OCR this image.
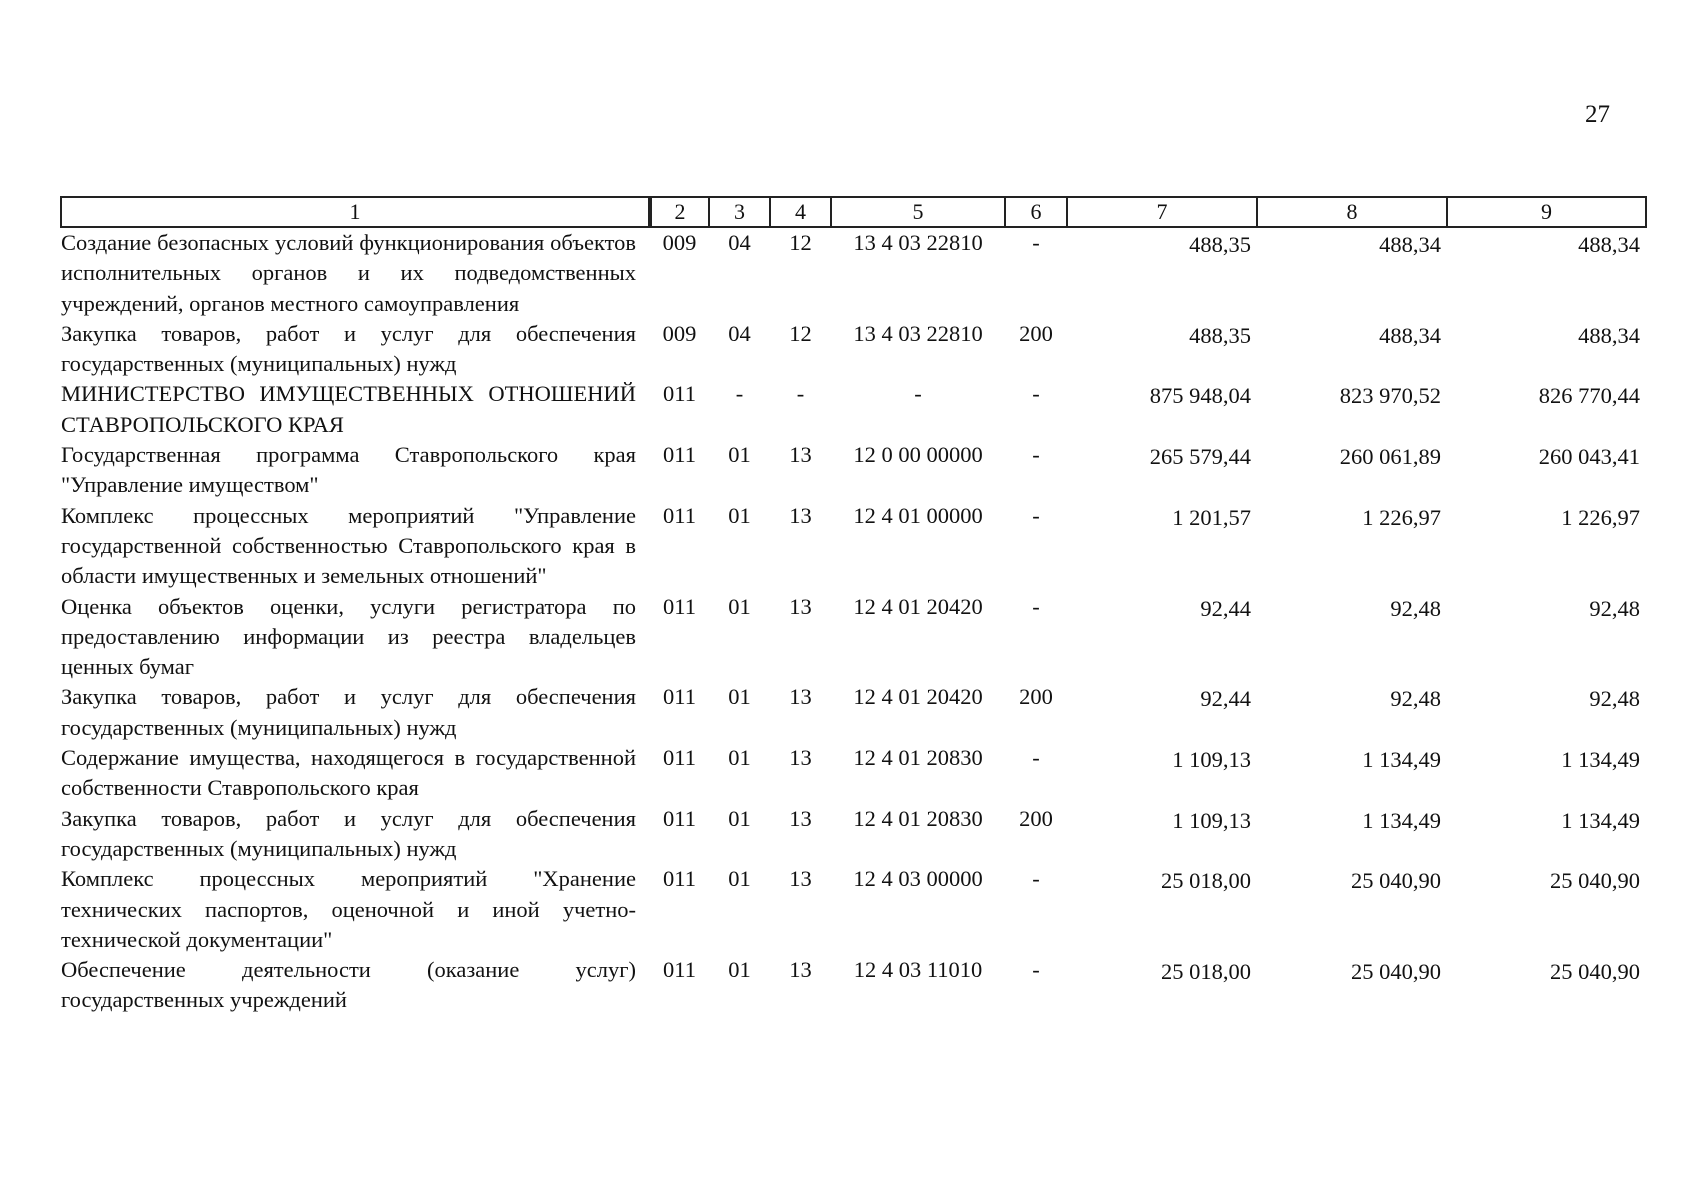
27
1	2	3	4	5	6	7	8	9
Создание безопасных условий функционирования объектов исполнительных органов и их подведомственных учреждений, органов местного самоуправления	009	04	12	13 4 03 22810	-	488,35	488,34	488,34
Закупка товаров, работ и услуг для обеспечения государственных (муниципальных) нужд	009	04	12	13 4 03 22810	200	488,35	488,34	488,34
МИНИСТЕРСТВО ИМУЩЕСТВЕННЫХ ОТНОШЕНИЙ СТАВРОПОЛЬСКОГО КРАЯ	011	-	-	-	-	875 948,04	823 970,52	826 770,44
Государственная программа Ставропольского края "Управление имуществом"	011	01	13	12 0 00 00000	-	265 579,44	260 061,89	260 043,41
Комплекс процессных мероприятий "Управление государственной собственностью Ставропольского края в области имущественных и земельных отношений"	011	01	13	12 4 01 00000	-	1 201,57	1 226,97	1 226,97
Оценка объектов оценки, услуги регистратора по предоставлению информации из реестра владельцев ценных бумаг	011	01	13	12 4 01 20420	-	92,44	92,48	92,48
Закупка товаров, работ и услуг для обеспечения государственных (муниципальных) нужд	011	01	13	12 4 01 20420	200	92,44	92,48	92,48
Содержание имущества, находящегося в государственной собственности Ставропольского края	011	01	13	12 4 01 20830	-	1 109,13	1 134,49	1 134,49
Закупка товаров, работ и услуг для обеспечения государственных (муниципальных) нужд	011	01	13	12 4 01 20830	200	1 109,13	1 134,49	1 134,49
Комплекс процессных мероприятий "Хранение технических паспортов, оценочной и иной учетно-технической документации"	011	01	13	12 4 03 00000	-	25 018,00	25 040,90	25 040,90
Обеспечение деятельности (оказание услуг) государственных учреждений	011	01	13	12 4 03 11010	-	25 018,00	25 040,90	25 040,90
